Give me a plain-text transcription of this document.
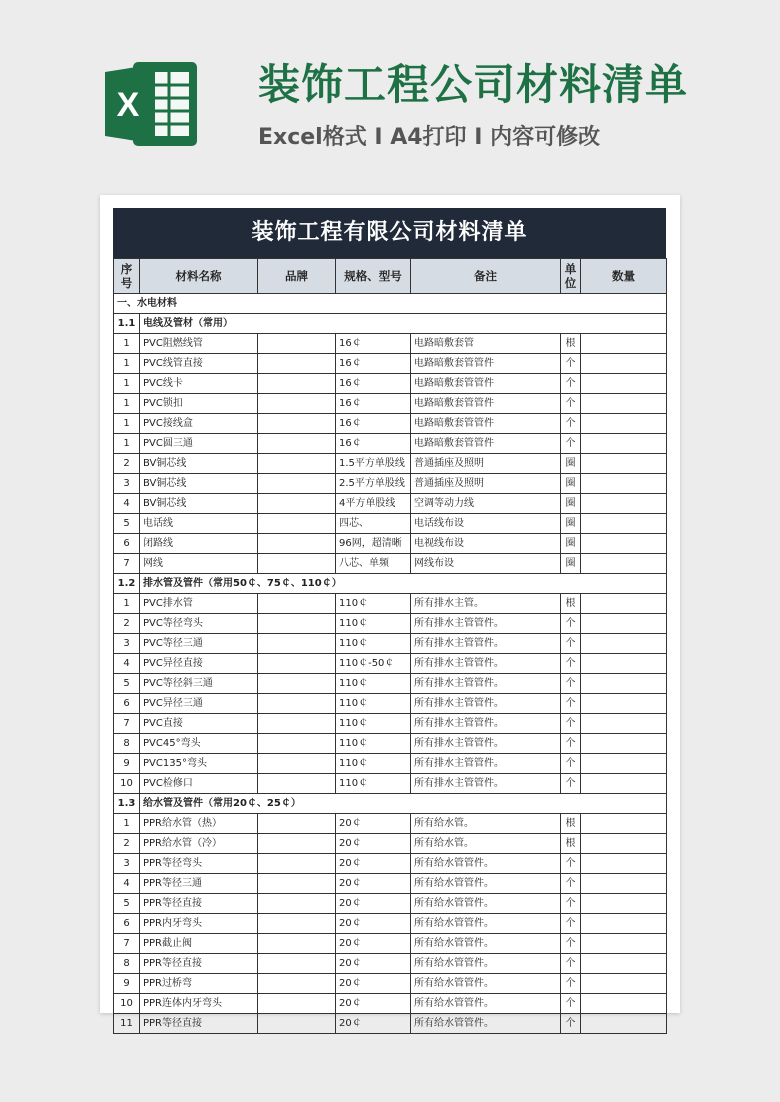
X	装饰工程公司材料清单
Excel格式 Ⅰ A4打印 Ⅰ 内容可修改
装饰工程有限公司材料清单
序号	材料名称	品牌	规格、型号	备注	单位	数量
一、水电材料						
1.1	电线及管材（常用）					
1	PVC阻燃线管		16￠	电路暗敷套管	根	
1	PVC线管直接		16￠	电路暗敷套管管件	个	
1	PVC线卡		16￠	电路暗敷套管管件	个	
1	PVC锁扣		16￠	电路暗敷套管管件	个	
1	PVC接线盒		16￠	电路暗敷套管管件	个	
1	PVC圆三通		16￠	电路暗敷套管管件	个	
2	BV铜芯线		1.5平方单股线	普通插座及照明	圈	
3	BV铜芯线		2.5平方单股线	普通插座及照明	圈	
4	BV铜芯线		4平方单股线	空调等动力线	圈	
5	电话线		四芯、	电话线布设	圈	
6	闭路线		96网，超清晰	电视线布设	圈	
7	网线		八芯、单频	网线布设	圈	
1.2	排水管及管件（常用50￠、75￠、110￠）					
1	PVC排水管		110￠	所有排水主管。	根	
2	PVC等径弯头		110￠	所有排水主管管件。	个	
3	PVC等径三通		110￠	所有排水主管管件。	个	
4	PVC异径直接		110￠-50￠	所有排水主管管件。	个	
5	PVC等径斜三通		110￠	所有排水主管管件。	个	
6	PVC异径三通		110￠	所有排水主管管件。	个	
7	PVC直接		110￠	所有排水主管管件。	个	
8	PVC45°弯头		110￠	所有排水主管管件。	个	
9	PVC135°弯头		110￠	所有排水主管管件。	个	
10	PVC检修口		110￠	所有排水主管管件。	个	
1.3	给水管及管件（常用20￠、25￠）					
1	PPR给水管（热）		20￠	所有给水管。	根	
2	PPR给水管（冷）		20￠	所有给水管。	根	
3	PPR等径弯头		20￠	所有给水管管件。	个	
4	PPR等径三通		20￠	所有给水管管件。	个	
5	PPR等径直接		20￠	所有给水管管件。	个	
6	PPR内牙弯头		20￠	所有给水管管件。	个	
7	PPR截止阀		20￠	所有给水管管件。	个	
8	PPR等径直接		20￠	所有给水管管件。	个	
9	PPR过桥弯		20￠	所有给水管管件。	个	
10	PPR连体内牙弯头		20￠	所有给水管管件。	个	
11	PPR等径直接		20￠	所有给水管管件。	个	
